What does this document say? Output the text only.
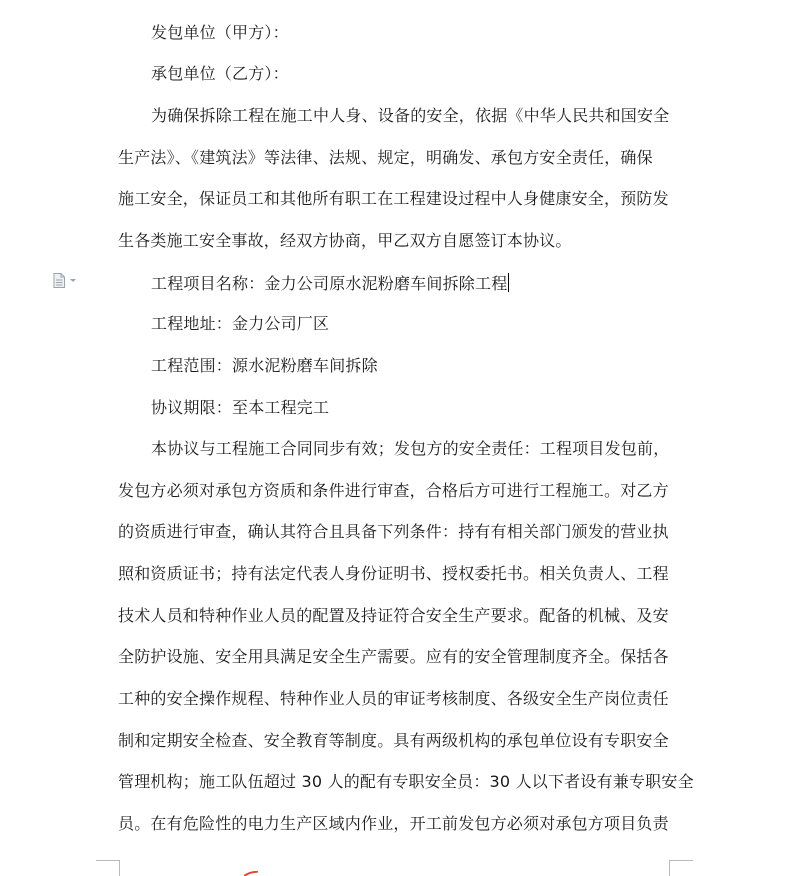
发包单位（甲方）：
承包单位（乙方）：
为确保拆除工程在施工中人身、设备的安全，依据《中华人民共和国安全
生产法》、《建筑法》等法律、法规、规定，明确发、承包方安全责任，确保
施工安全，保证员工和其他所有职工在工程建设过程中人身健康安全，预防发
生各类施工安全事故，经双方协商，甲乙双方自愿签订本协议。
工程项目名称：金力公司原水泥粉磨车间拆除工程
工程地址：金力公司厂区
工程范围：源水泥粉磨车间拆除
协议期限：至本工程完工
本协议与工程施工合同同步有效；发包方的安全责任：工程项目发包前，
发包方必须对承包方资质和条件进行审查，合格后方可进行工程施工。对乙方
的资质进行审查，确认其符合且具备下列条件：持有有相关部门颁发的营业执
照和资质证书；持有法定代表人身份证明书、授权委托书。相关负责人、工程
技术人员和特种作业人员的配置及持证符合安全生产要求。配备的机械、及安
全防护设施、安全用具满足安全生产需要。应有的安全管理制度齐全。保括各
工种的安全操作规程、特种作业人员的审证考核制度、各级安全生产岗位责任
制和定期安全检查、安全教育等制度。具有两级机构的承包单位设有专职安全
管理机构；施工队伍超过 30 人的配有专职安全员：30 人以下者设有兼专职安全
员。在有危险性的电力生产区域内作业，开工前发包方必须对承包方项目负责
